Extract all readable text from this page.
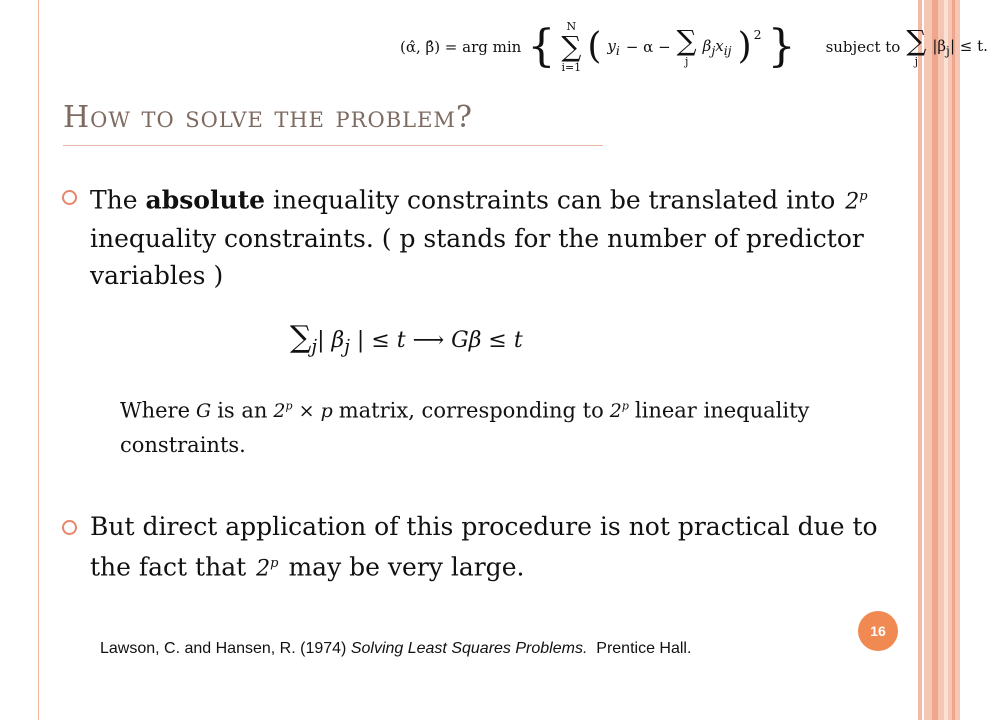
(α̂, β̂) = arg min { N
∑
i=1
( $y_i - \alpha$ − ∑
j
$\beta_jx_{ij}$ )$^2$ } subject to ∑
j
$|\beta_j| \le t$.
How to solve the problem?
The absolute inequality constraints can be translated into 2$^p$inequality constraints. ( p stands for the number of predictor variables )
$\sum_j|$ $\beta_j$ | ≤ t ⟶ Gβ ≤ t
Where G is an $2^p \times p$ matrix, corresponding to 2$^p$ linear inequality constraints.
But direct application of this procedure is not practical due to the fact that 2$^p$ may be very large.
16
Lawson, C. and Hansen, R. (1974) Solving Least Squares Problems. Prentice Hall.
